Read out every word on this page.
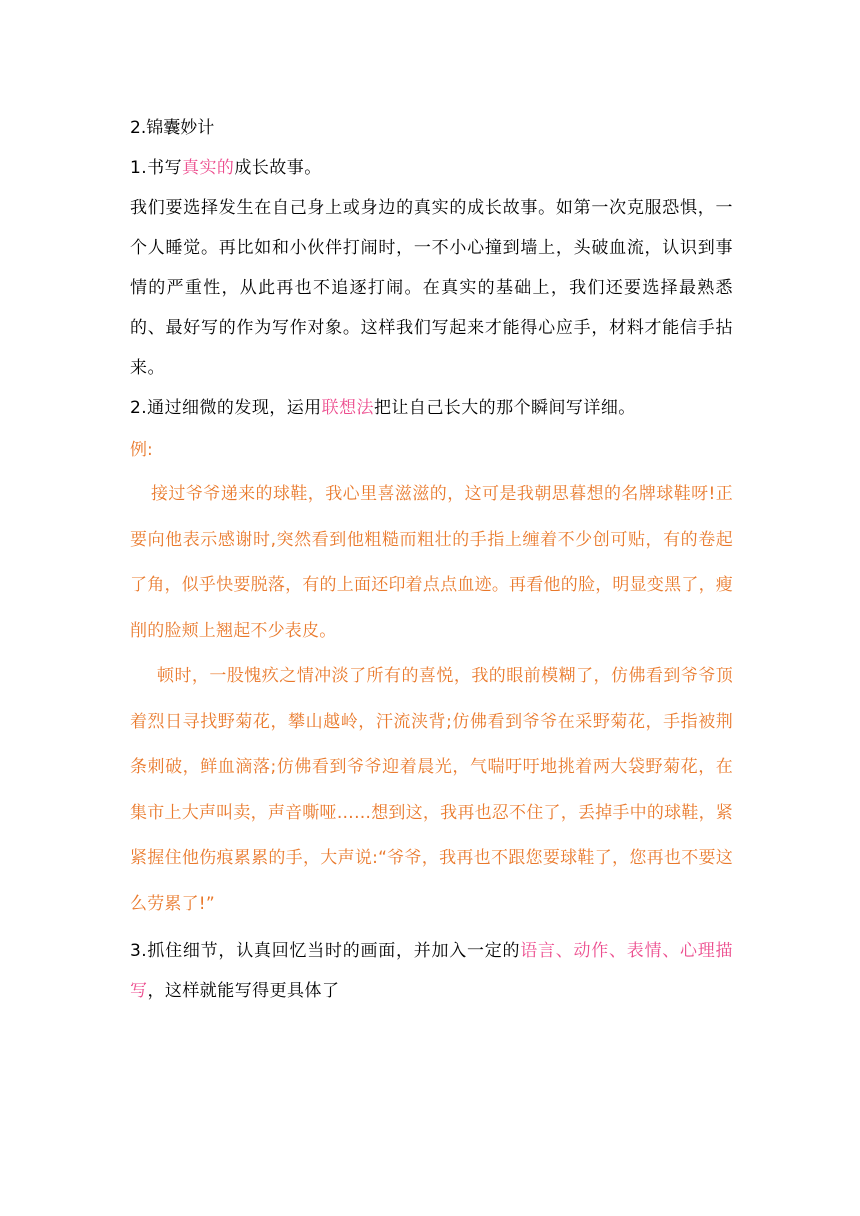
2.锦囊妙计

1.书写真实的成长故事。

我们要选择发生在自己身上或身边的真实的成长故事。如第一次克服恐惧，一个人睡觉。再比如和小伙伴打闹时，一不小心撞到墙上，头破血流，认识到事情的严重性，从此再也不追逐打闹。在真实的基础上，我们还要选择最熟悉的、最好写的作为写作对象。这样我们写起来才能得心应手，材料才能信手拈来。

2.通过细微的发现，运用联想法把让自己长大的那个瞬间写详细。

例:

接过爷爷递来的球鞋，我心里喜滋滋的，这可是我朝思暮想的名牌球鞋呀!正要向他表示感谢时,突然看到他粗糙而粗壮的手指上缠着不少创可贴，有的卷起了角，似乎快要脱落，有的上面还印着点点血迹。再看他的脸，明显变黑了，瘦削的脸颊上翘起不少表皮。

顿时，一股愧疚之情冲淡了所有的喜悦，我的眼前模糊了，仿佛看到爷爷顶着烈日寻找野菊花，攀山越岭，汗流浃背;仿佛看到爷爷在采野菊花，手指被荆条刺破，鲜血滴落;仿佛看到爷爷迎着晨光，气喘吁吁地挑着两大袋野菊花，在集市上大声叫卖，声音嘶哑……想到这，我再也忍不住了，丢掉手中的球鞋，紧紧握住他伤痕累累的手，大声说:“爷爷，我再也不跟您要球鞋了，您再也不要这么劳累了!”

3.抓住细节，认真回忆当时的画面，并加入一定的语言、动作、表情、心理描写，这样就能写得更具体了
